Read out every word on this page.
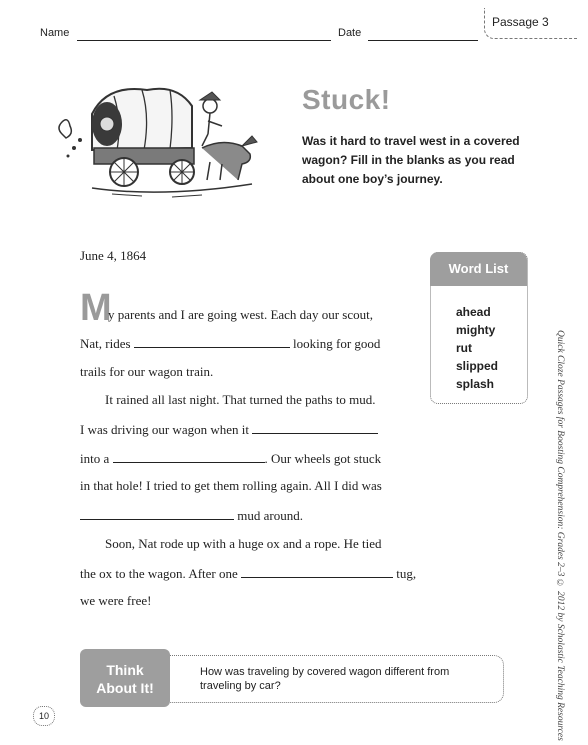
Name	Date
Passage 3
Stuck!
Was it hard to travel west in a covered wagon? Fill in the blanks as you read about one boy’s journey.
June 4, 1864
M
y parents and I are going west. Each day our scout,
Nat, rides	looking for good
trails for our wagon train.
It rained all last night. That turned the paths to mud.
I was driving our wagon when it
into a	. Our wheels got stuck
in that hole! I tried to get them rolling again. All I did was
mud around.
Soon, Nat rode up with a huge ox and a rope. He tied
the ox to the wagon. After one	tug,
we were free!
Word List
ahead
mighty
rut
slipped
splash
Think
About It!
How was traveling by covered wagon different from traveling by car?	Quick Cloze Passages for Boosting Comprehension: Grades 2–3 © 2012 by Scholastic Teaching Resources
10
